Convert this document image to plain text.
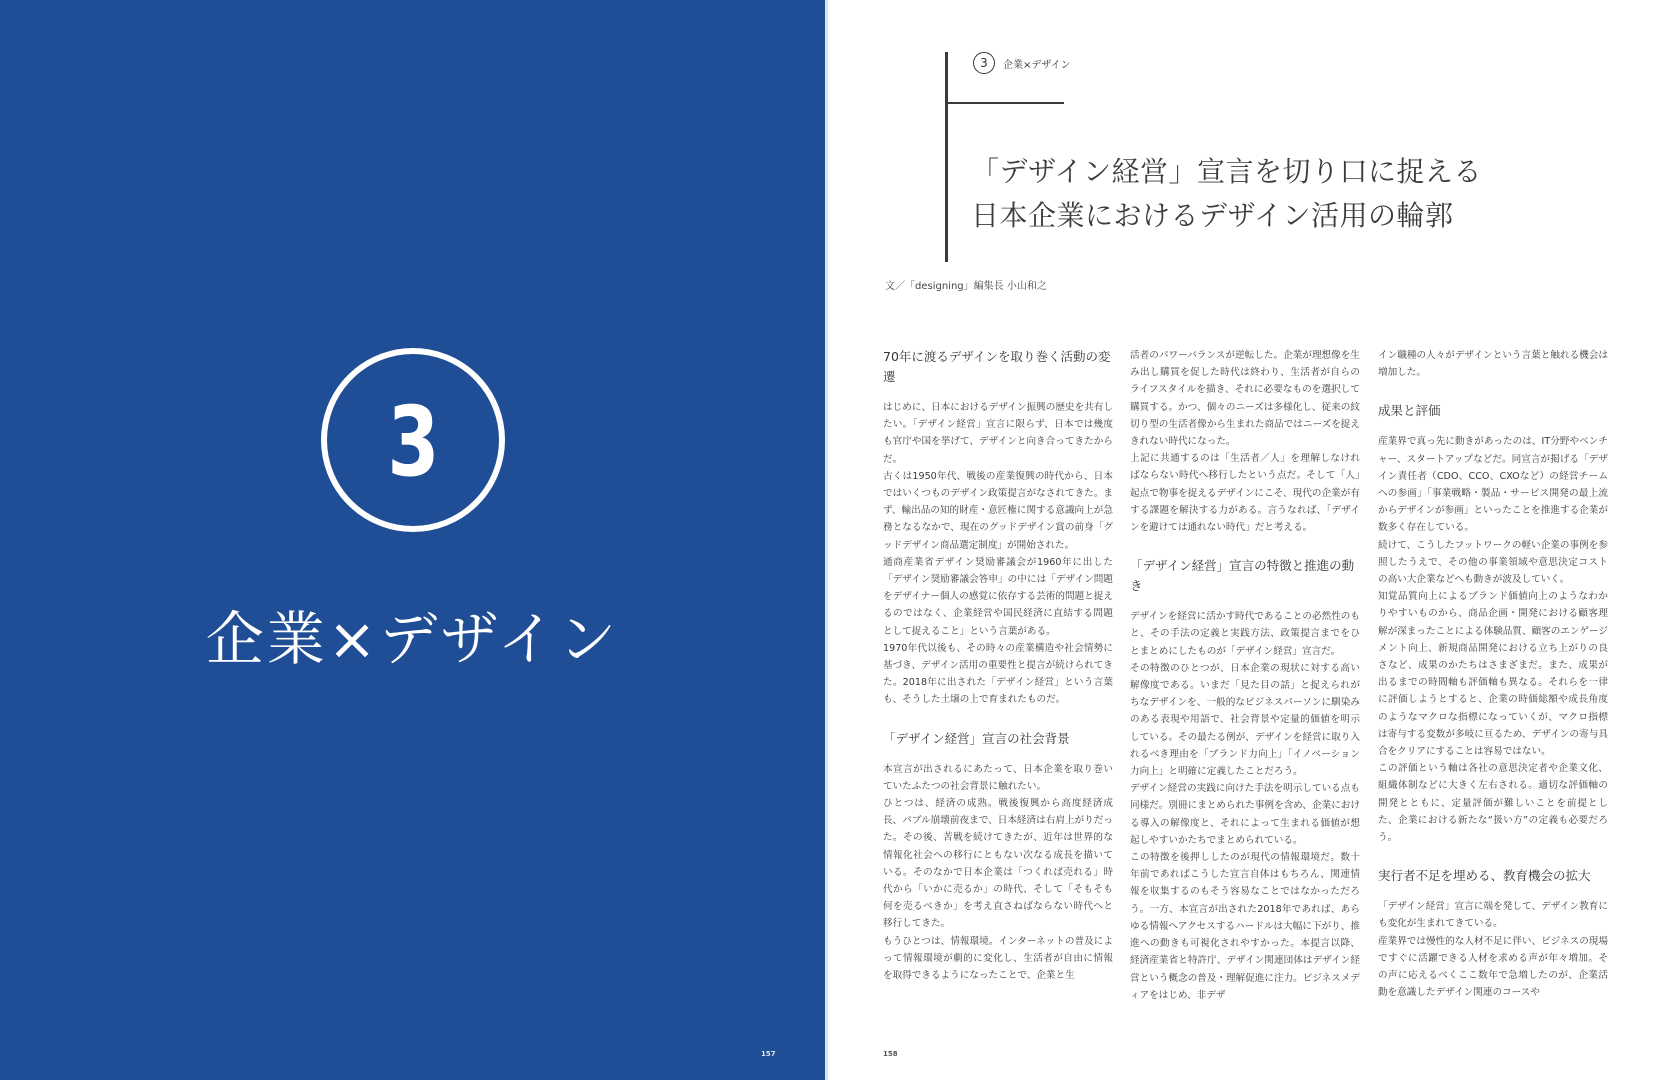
3
企業×デザイン
157
3	企業×デザイン
「デザイン経営」宣言を切り口に捉える
日本企業におけるデザイン活用の輪郭
文／「designing」編集長 小山和之
70年に渡るデザインを取り巻く活動の変遷

はじめに、日本におけるデザイン振興の歴史を共有したい。「デザイン経営」宣言に限らず、日本では幾度も官庁や国を挙げて、デザインと向き合ってきたからだ。

古くは1950年代、戦後の産業復興の時代から、日本ではいくつものデザイン政策提言がなされてきた。まず、輸出品の知的財産・意匠権に関する意識向上が急務となるなかで、現在のグッドデザイン賞の前身「グッドデザイン商品選定制度」が開始された。

通商産業省デザイン奨励審議会が1960年に出した「デザイン奨励審議会答申」の中には「デザイン問題をデザイナー個人の感覚に依存する芸術的問題と捉えるのではなく、企業経営や国民経済に直結する問題として捉えること」という言葉がある。

1970年代以後も、その時々の産業構造や社会情勢に基づき、デザイン活用の重要性と提言が続けられてきた。2018年に出された「デザイン経営」という言葉も、そうした土壌の上で育まれたものだ。

「デザイン経営」宣言の社会背景

本宣言が出されるにあたって、日本企業を取り巻いていたふたつの社会背景に触れたい。

ひとつは、経済の成熟。戦後復興から高度経済成長、バブル崩壊前夜まで、日本経済は右肩上がりだった。その後、苦戦を続けてきたが、近年は世界的な情報化社会への移行にともない次なる成長を描いている。そのなかで日本企業は「つくれば売れる」時代から「いかに売るか」の時代、そして「そもそも何を売るべきか」を考え直さねばならない時代へと移行してきた。

もうひとつは、情報環境。インターネットの普及によって情報環境が劇的に変化し、生活者が自由に情報を取得できるようになったことで、企業と生

活者のパワーバランスが逆転した。企業が理想像を生み出し購買を促した時代は終わり、生活者が自らのライフスタイルを描き、それに必要なものを選択して購買する。かつ、個々のニーズは多様化し、従来の紋切り型の生活者像から生まれた商品ではニーズを捉えきれない時代になった。

上記に共通するのは「生活者／人」を理解しなければならない時代へ移行したという点だ。そして「人」起点で物事を捉えるデザインにこそ、現代の企業が有する課題を解決する力がある。言うなれば、「デザインを避けては通れない時代」だと考える。

「デザイン経営」宣言の特徴と推進の動き

デザインを経営に活かす時代であることの必然性のもと、その手法の定義と実践方法、政策提言までをひとまとめにしたものが「デザイン経営」宣言だ。

その特徴のひとつが、日本企業の現状に対する高い解像度である。いまだ「見た目の話」と捉えられがちなデザインを、一般的なビジネスパーソンに馴染みのある表現や用語で、社会背景や定量的価値を明示している。その最たる例が、デザインを経営に取り入れるべき理由を「ブランド力向上」「イノベーション力向上」と明確に定義したことだろう。

デザイン経営の実践に向けた手法を明示している点も同様だ。別冊にまとめられた事例を含め、企業における導入の解像度と、それによって生まれる価値が想起しやすいかたちでまとめられている。

この特徴を後押ししたのが現代の情報環境だ。数十年前であればこうした宣言自体はもちろん、関連情報を収集するのもそう容易なことではなかっただろう。一方、本宣言が出された2018年であれば、あらゆる情報へアクセスするハードルは大幅に下がり、推進への動きも可視化されやすかった。本提言以降、経済産業省と特許庁、デザイン関連団体はデザイン経営という概念の普及・理解促進に注力。ビジネスメディアをはじめ、非デザ

イン職種の人々がデザインという言葉と触れる機会は増加した。

成果と評価

産業界で真っ先に動きがあったのは、IT分野やベンチャー、スタートアップなどだ。同宣言が掲げる「デザイン責任者（CDO、CCO、CXOなど）の経営チームへの参画」「事業戦略・製品・サービス開発の最上流からデザインが参画」といったことを推進する企業が数多く存在している。

続けて、こうしたフットワークの軽い企業の事例を参照したうえで、その他の事業領域や意思決定コストの高い大企業などへも動きが波及していく。

知覚品質向上によるブランド価値向上のようなわかりやすいものから、商品企画・開発における顧客理解が深まったことによる体験品質、顧客のエンゲージメント向上、新規商品開発における立ち上がりの良さなど、成果のかたちはさまざまだ。また、成果が出るまでの時間軸も評価軸も異なる。それらを一律に評価しようとすると、企業の時価総額や成長角度のようなマクロな指標になっていくが、マクロ指標は寄与する変数が多岐に亘るため、デザインの寄与具合をクリアにすることは容易ではない。

この評価という軸は各社の意思決定者や企業文化、組織体制などに大きく左右される。適切な評価軸の開発とともに、定量評価が難しいことを前提とした、企業における新たな“扱い方”の定義も必要だろう。

実行者不足を埋める、教育機会の拡大

「デザイン経営」宣言に端を発して、デザイン教育にも変化が生まれてきている。

産業界では慢性的な人材不足に伴い、ビジネスの現場ですぐに活躍できる人材を求める声が年々増加。その声に応えるべくここ数年で急増したのが、企業活動を意識したデザイン関連のコースや

158
